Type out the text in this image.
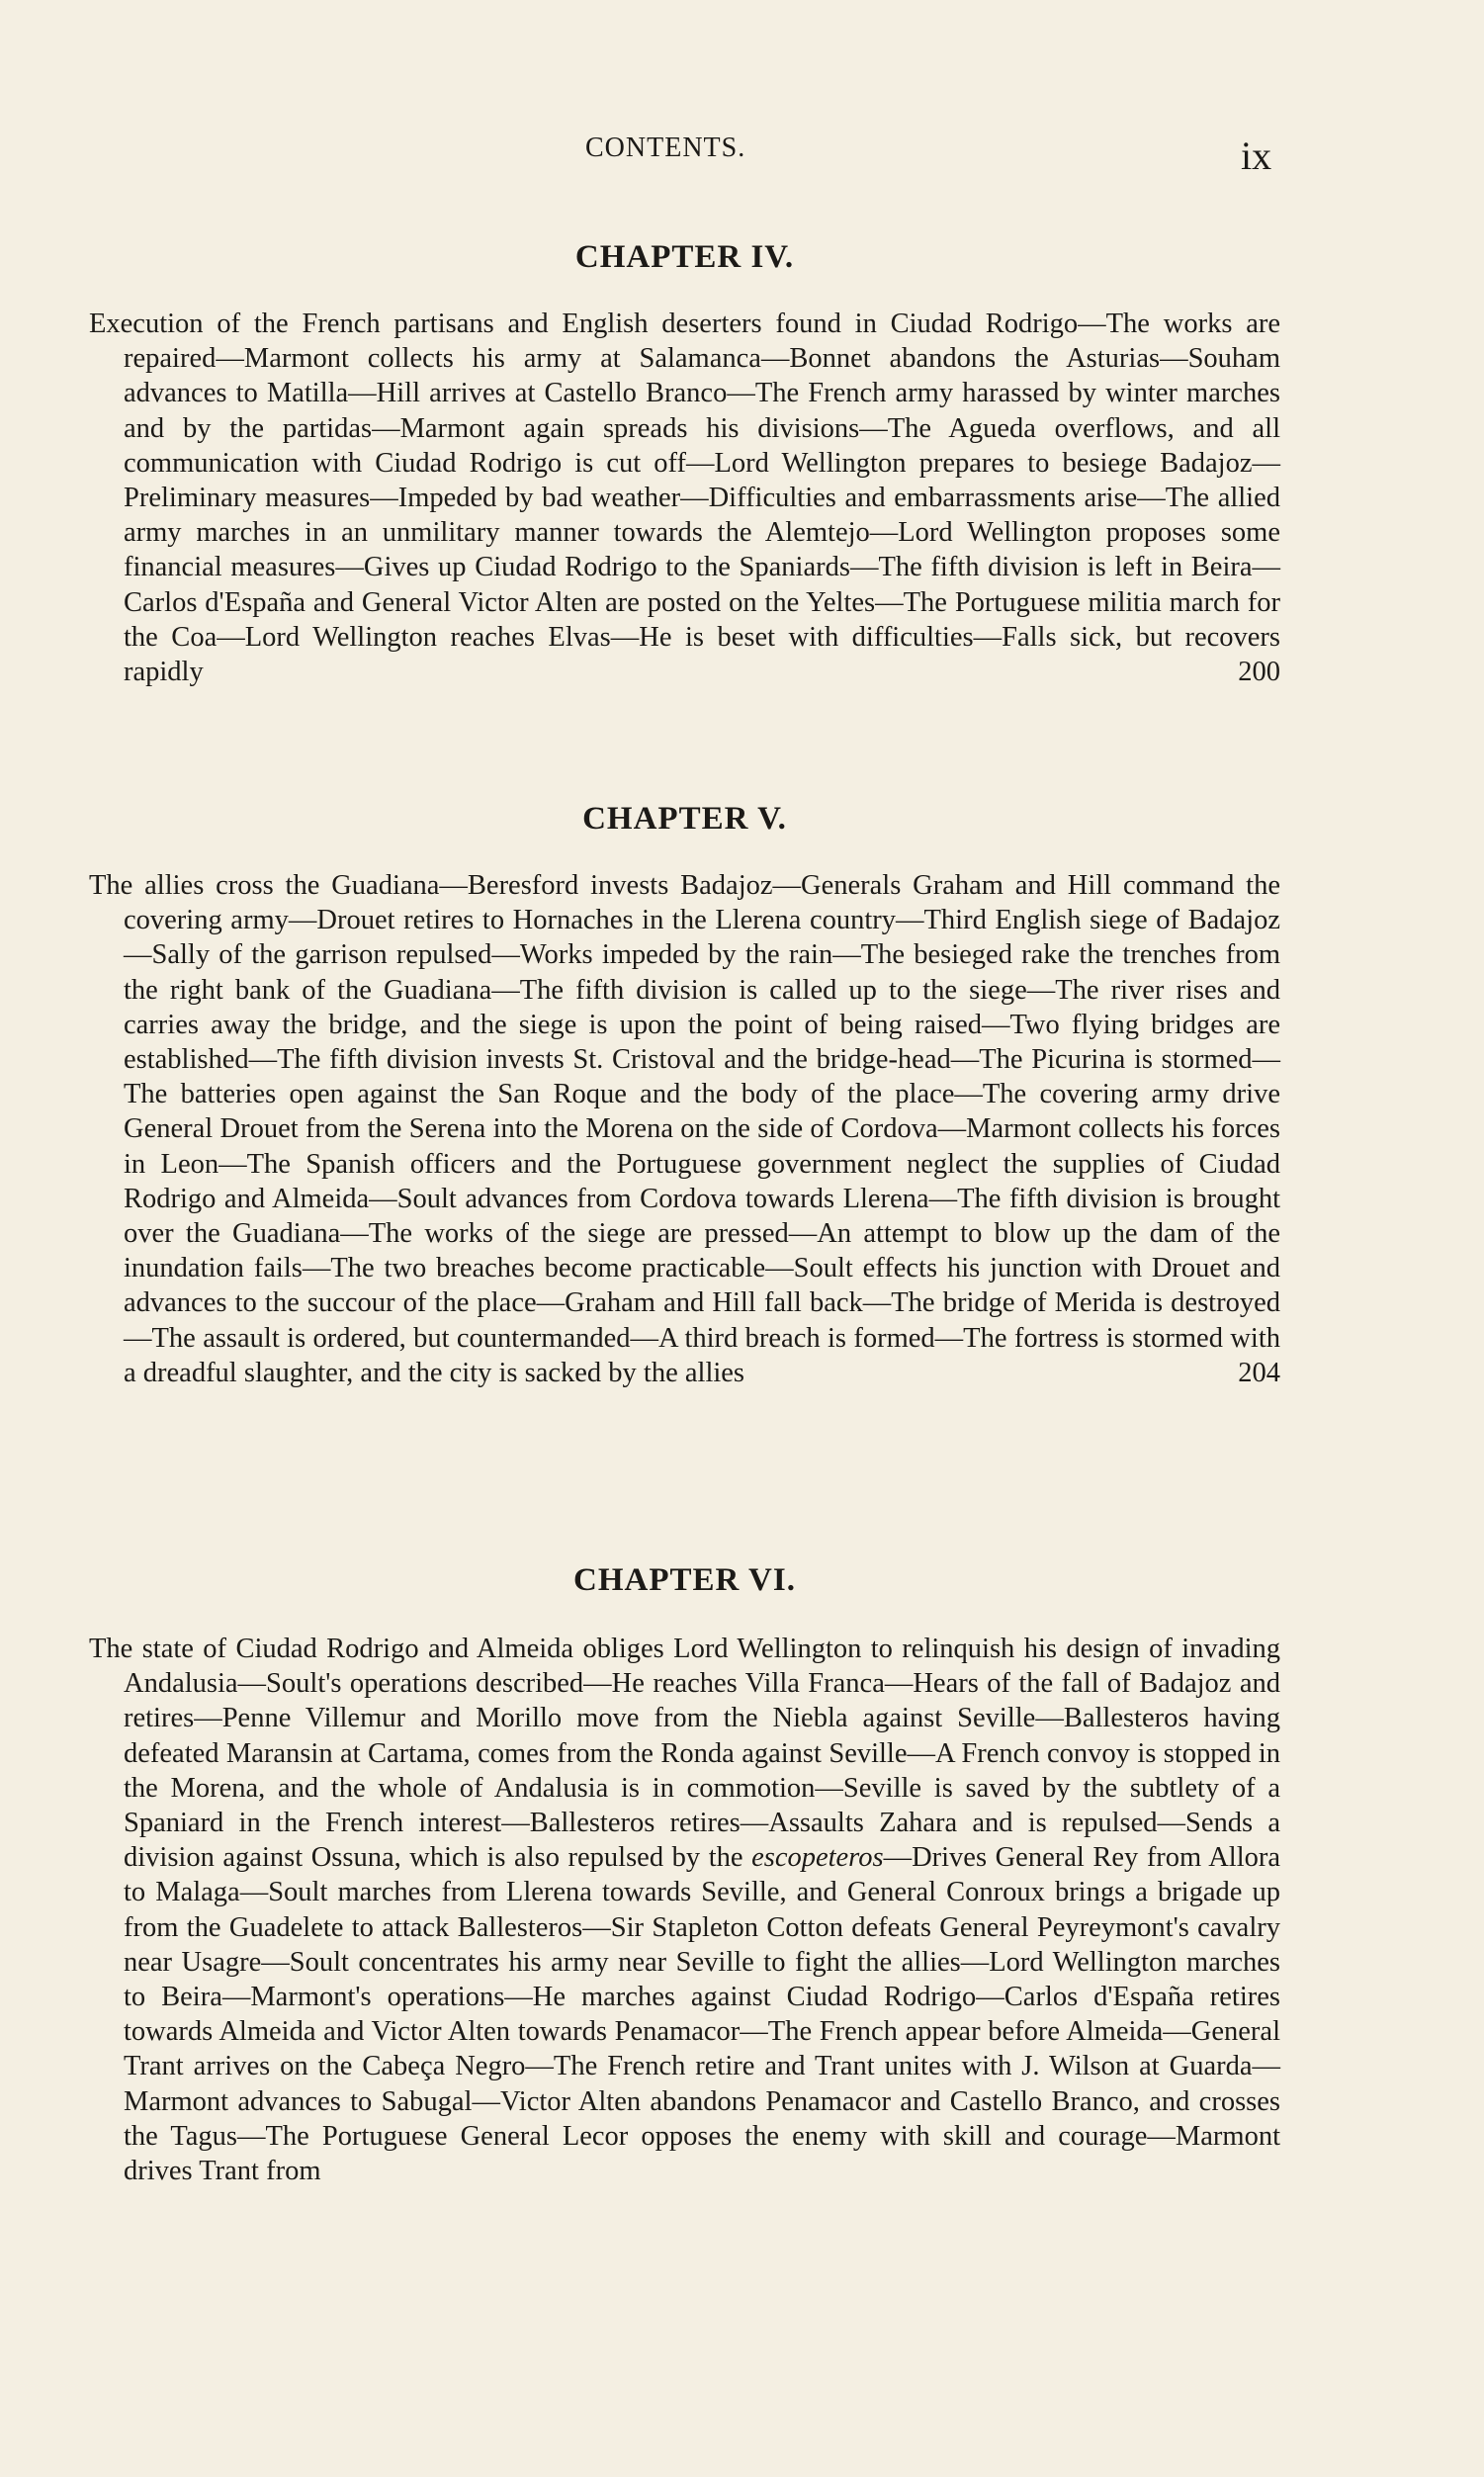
CONTENTS.	ix
CHAPTER IV.

Execution of the French partisans and English deserters found in Ciudad Rodrigo—The works are repaired—Marmont collects his army at Salamanca—Bonnet abandons the Asturias—Souham advances to Matilla—Hill arrives at Castello Branco—The French army harassed by winter marches and by the partidas—Marmont again spreads his divisions—The Agueda overflows, and all communication with Ciudad Rodrigo is cut off—Lord Wellington prepares to besiege Badajoz—Preliminary measures—Impeded by bad weather—Difficulties and embarrassments arise—The allied army marches in an unmilitary manner towards the Alemtejo—Lord Wellington proposes some financial measures—Gives up Ciudad Rodrigo to the Spaniards—The fifth division is left in Beira—Carlos d'España and General Victor Alten are posted on the Yeltes—The Portuguese militia march for the Coa—Lord Wellington reaches Elvas—He is beset with difficulties—Falls sick, but recovers rapidly	200

CHAPTER V.

The allies cross the Guadiana—Beresford invests Badajoz—Generals Graham and Hill command the covering army—Drouet retires to Hornaches in the Llerena country—Third English siege of Badajoz—Sally of the garrison repulsed—Works impeded by the rain—The besieged rake the trenches from the right bank of the Guadiana—The fifth division is called up to the siege—The river rises and carries away the bridge, and the siege is upon the point of being raised—Two flying bridges are established—The fifth division invests St. Cristoval and the bridge-head—The Picurina is stormed—The batteries open against the San Roque and the body of the place—The covering army drive General Drouet from the Serena into the Morena on the side of Cordova—Marmont collects his forces in Leon—The Spanish officers and the Portuguese government neglect the supplies of Ciudad Rodrigo and Almeida—Soult advances from Cordova towards Llerena—The fifth division is brought over the Guadiana—The works of the siege are pressed—An attempt to blow up the dam of the inundation fails—The two breaches become practicable—Soult effects his junction with Drouet and advances to the succour of the place—Graham and Hill fall back—The bridge of Merida is destroyed—The assault is ordered, but countermanded—A third breach is formed—The fortress is stormed with a dreadful slaughter, and the city is sacked by the allies	204

CHAPTER VI.

The state of Ciudad Rodrigo and Almeida obliges Lord Wellington to relinquish his design of invading Andalusia—Soult's operations described—He reaches Villa Franca—Hears of the fall of Badajoz and retires—Penne Villemur and Morillo move from the Niebla against Seville—Ballesteros having defeated Maransin at Cartama, comes from the Ronda against Seville—A French convoy is stopped in the Morena, and the whole of Andalusia is in commotion—Seville is saved by the subtlety of a Spaniard in the French interest—Ballesteros retires—Assaults Zahara and is repulsed—Sends a division against Ossuna, which is also repulsed by the escopeteros—Drives General Rey from Allora to Malaga—Soult marches from Llerena towards Seville, and General Conroux brings a brigade up from the Guadelete to attack Ballesteros—Sir Stapleton Cotton defeats General Peyreymont's cavalry near Usagre—Soult concentrates his army near Seville to fight the allies—Lord Wellington marches to Beira—Marmont's operations—He marches against Ciudad Rodrigo—Carlos d'España retires towards Almeida and Victor Alten towards Penamacor—The French appear before Almeida—General Trant arrives on the Cabeça Negro—The French retire and Trant unites with J. Wilson at Guarda—Marmont advances to Sabugal—Victor Alten abandons Penamacor and Castello Branco, and crosses the Tagus—The Portuguese General Lecor opposes the enemy with skill and courage—Marmont drives Trant from
